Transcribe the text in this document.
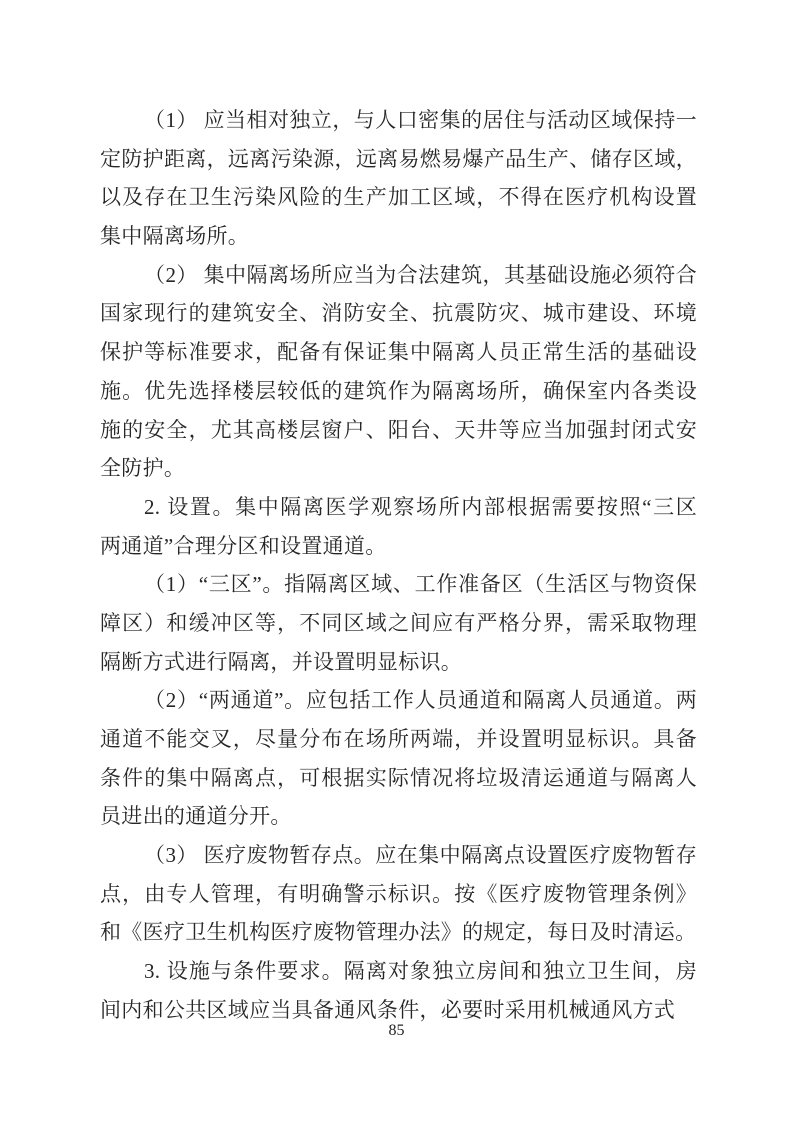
（1） 应当相对独立，与人口密集的居住与活动区域保持一
定防护距离，远离污染源，远离易燃易爆产品生产、储存区域，
以及存在卫生污染风险的生产加工区域，不得在医疗机构设置
集中隔离场所。
（2） 集中隔离场所应当为合法建筑，其基础设施必须符合
国家现行的建筑安全、消防安全、抗震防灾、城市建设、环境
保护等标准要求，配备有保证集中隔离人员正常生活的基础设
施。优先选择楼层较低的建筑作为隔离场所，确保室内各类设
施的安全，尤其高楼层窗户、阳台、天井等应当加强封闭式安
全防护。
2. 设置。集中隔离医学观察场所内部根据需要按照“三区
两通道”合理分区和设置通道。
（1）“三区”。指隔离区域、工作准备区（生活区与物资保
障区）和缓冲区等，不同区域之间应有严格分界，需采取物理
隔断方式进行隔离，并设置明显标识。
（2）“两通道”。应包括工作人员通道和隔离人员通道。两
通道不能交叉，尽量分布在场所两端，并设置明显标识。具备
条件的集中隔离点，可根据实际情况将垃圾清运通道与隔离人
员进出的通道分开。
（3） 医疗废物暂存点。应在集中隔离点设置医疗废物暂存
点，由专人管理，有明确警示标识。按《医疗废物管理条例》
和《医疗卫生机构医疗废物管理办法》的规定，每日及时清运。
3. 设施与条件要求。隔离对象独立房间和独立卫生间，房
间内和公共区域应当具备通风条件，必要时采用机械通风方式
85
